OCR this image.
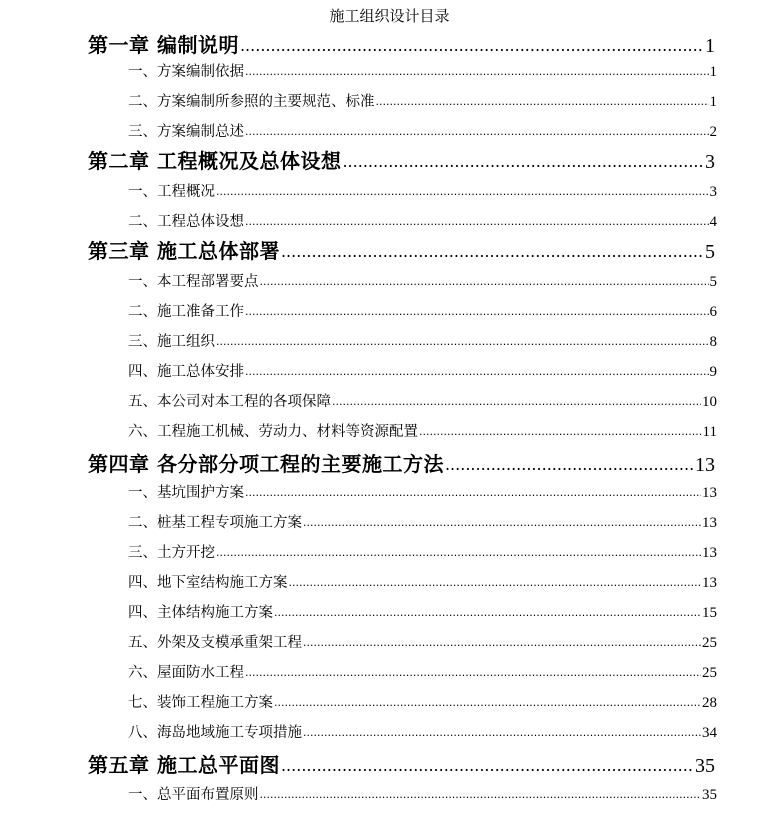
施工组织设计目录
第一章 编制说明 .....	1
一、方案编制依据 .....	1
二、方案编制所参照的主要规范、标准 .....	1
三、方案编制总述 .....	2
第二章 工程概况及总体设想 .....	3
一、工程概况 .....	3
二、工程总体设想 .....	4
第三章 施工总体部署 .....	5
一、本工程部署要点 .....	5
二、施工准备工作 .....	6
三、施工组织 .....	8
四、施工总体安排 .....	9
五、本公司对本工程的各项保障 .....	10
六、工程施工机械、劳动力、材料等资源配置 .....	11
第四章 各分部分项工程的主要施工方法 .....	13
一、基坑围护方案 .....	13
二、桩基工程专项施工方案 .....	13
三、土方开挖 .....	13
四、地下室结构施工方案 .....	13
四、主体结构施工方案 .....	15
五、外架及支模承重架工程 .....	25
六、屋面防水工程 .....	25
七、装饰工程施工方案 .....	28
八、海岛地域施工专项措施 .....	34
第五章 施工总平面图 .....	35
一、总平面布置原则 .....	35
